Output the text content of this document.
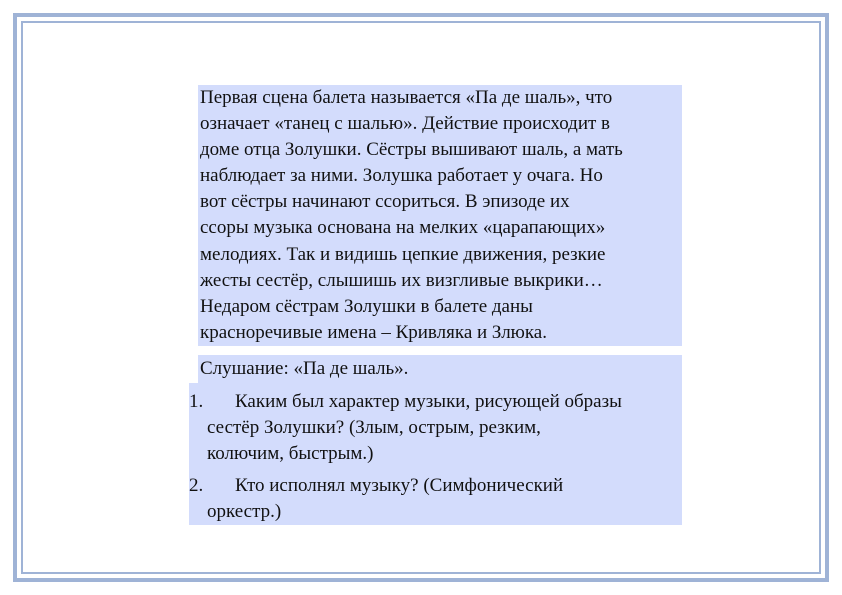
Первая сцена балета называется «Па де шаль», что

означает «танец с шалью». Действие происходит в

доме отца Золушки. Сёстры вышивают шаль, а мать

наблюдает за ними. Золушка работает у очага. Но

вот сёстры начинают ссориться. В эпизоде их

ссоры музыка основана на мелких «царапающих»

мелодиях. Так и видишь цепкие движения, резкие

жесты сестёр, слышишь их визгливые выкрики…

Недаром сёстрам Золушки в балете даны

красноречивые имена – Кривляка и Злюка.

Слушание: «Па де шаль».
1. Каким был характер музыки, рисующей образы
сестёр Золушки? (Злым, острым, резким,
колючим, быстрым.)
2. Кто исполнял музыку? (Симфонический
оркестр.)
